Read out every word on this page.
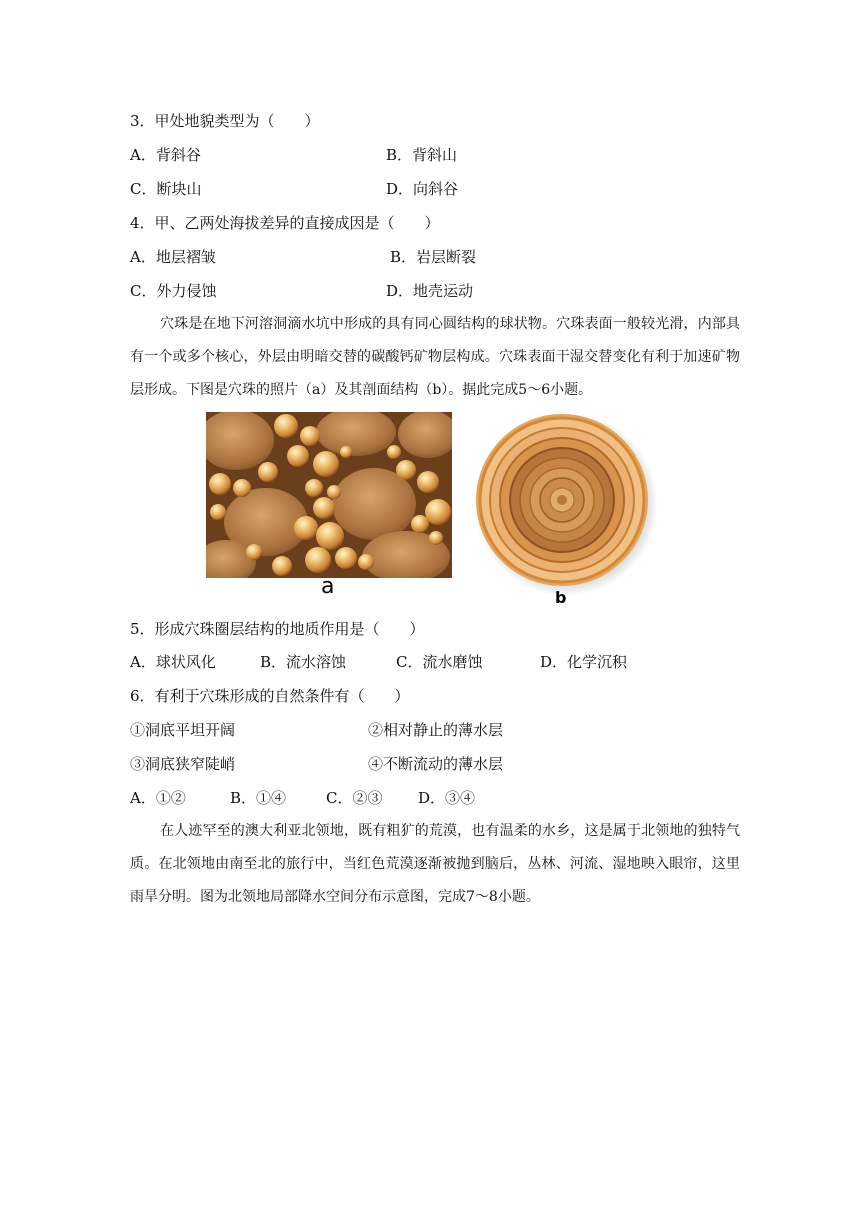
3．甲处地貌类型为（　　）
A．背斜谷	B．背斜山
C．断块山	D．向斜谷
4．甲、乙两处海拔差异的直接成因是（　　）
A．地层褶皱	B．岩层断裂
C．外力侵蚀	D．地壳运动
穴珠是在地下河溶洞滴水坑中形成的具有同心圆结构的球状物。穴珠表面一般较光滑，内部具有一个或多个核心，外层由明暗交替的碳酸钙矿物层构成。穴珠表面干湿交替变化有利于加速矿物层形成。下图是穴珠的照片（a）及其剖面结构（b）。据此完成5～6小题。
a	b
5．形成穴珠圈层结构的地质作用是（　　）
A．球状风化	B．流水溶蚀	C．流水磨蚀	D．化学沉积
6．有利于穴珠形成的自然条件有（　　）
①洞底平坦开阔	②相对静止的薄水层
③洞底狭窄陡峭	④不断流动的薄水层
A．①②	B．①④	C．②③ D．③④
在人迹罕至的澳大利亚北领地，既有粗犷的荒漠，也有温柔的水乡，这是属于北领地的独特气质。在北领地由南至北的旅行中，当红色荒漠逐渐被抛到脑后，丛林、河流、湿地映入眼帘，这里雨旱分明。图为北领地局部降水空间分布示意图，完成7～8小题。
